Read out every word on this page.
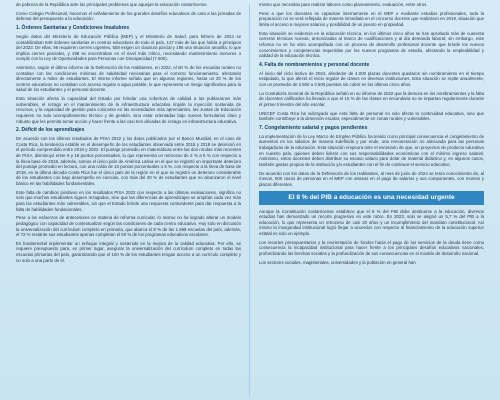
de pobreza de la República ante los principales problemas que aquejan la educación costarricense.

Como Colegio Profesional, hacemos el señalamiento de los grandes desafíos educativos de cara a las jornadas de defensa del presupuesto a la educación:

1. Órdenes Sanitarias y Condiciones Insalubres

Según datos del Ministerio de Educación Pública (MEP) y el Ministerio de Salud, para febrero de 2024 se contabilizaban 849 órdenes sanitarias en centros educativos de todo el país, 127 más de las que había a principios del 2023. De ellas, 96 requieren cierres urgentes, 558 exigen un clausura parcial y 195 una situación amarilla, lo que implica cierres parciales, y 198 se encontraban en el nivel más crítico, necesitando mantenimiento menores o cumplir con la Ley de Oportunidades para Personas con Discapacidad (7.600).

Asimismo, según el último informe de la Defensoría de los Habitantes, en 2022, el 60 % de los escuelas rurales no contaban con las condiciones mínimas de salubridad necesarias para el correcto funcionamiento, afectando directamente a miles de estudiantes. El mismo informe señala que en algunas regiones, hasta un 20 % de los centros educativos no contaban con acceso regular a agua potable, lo que representa un riesgo significativo para la salud de los estudiantes y el personal docente.

Esta situación afecta la capacidad del Estado por brindar una cobertura de calidad a las poblaciones más vulnerables, el rezago en el mantenimiento de la infraestructura educativa impide la inyección sostenida de recursos, y la capacidad de gestión para colocarse en las necesidades más apremiantes, las Juntas de Educación requieren no solo acompañamiento técnico y de gestión, sino estar orientadas bajo nuevos formularios claro y robusto que les permita tomar acción y hacer frente a las casi tres décadas de rezago en infraestructura educativa.

2. Déficit de los aprendizajes

De acuerdo con los últimos resultados de PISA 2022 y los datos publicados por el Banco Mundial, en el caso de Costa Rica, la tendencia estable en el desempeño de los estudiantes observada entre 2015 y 2018 se deterioró en el período comprendido entre 2018 y 2022. El puntaje promedio en matemáticas entre las dos rondas más recientes de PISA, disminuyó entre 9 y 18 puntos porcentuales, lo que representa un retroceso de 2 % a 5 % con respecto a la línea base de 2018, además, somos el único país de América Latina en el que se registró un importante deterioro del puntaje promedio en lectura, con una caída de 10 puntos porcentuales o 5 %, con respecto a la línea de base de 2018, en la última década Costa Rica fue el único país de la región en el que se registró un deterioro considerable de los estudiantes con bajo desempeño en ciencias, con más del 20 % de estudiantes que no alcanzaron el nivel básico en las habilidades fundamentales.

Este falta de cambios positivos en los resultados PISA 2022 con respecto a las últimas evaluaciones, significa no solo que muchos estudiantes siguen rezagados, sino que las diferencias de aprendizajes se amplían cada vez más para los estudiantes más vulnerables, sin que el Estado brinde una respuesta contundente para dar respuesta a la falta de habilidades fundacionales.

Pese a los esfuerzos de antecesores en materia de reforma curricular, lo mismo no ha logrado alterar un modelo pedagógico con capacidad de contextualizar según las condiciones de cada centro educativo. Hoy solo en discusión la universalización del currículum completo en primaria, que abarca el 8 % de las 1.699 escuelas del país, además, el 72 % restante sus estudiantes apenas completan el 50 % de los programas educativos escolares.

Es fundamental implementar un enfoque integral y sostenido en la mejora de la calidad educativa. Por ello, se requiere presupuesto para, en primer lugar, asegurar la universalización del currículum completo en todas las escuelas primarias del país, garantizando que el 100 % de los estudiantes tengan acceso a un currículo completo y no solo a una parte de él.

mismo que necesitan para realizar labores como planeamiento, evaluación, entre otros.

Pese a que los docentes se capacitan internamente en el MEP o mediante estudios profesionales, toda la preparación no se verá reflejada de manera inmediata en el concurso docente que realizaron en 2019, situación que limita el acceso a mejores salarios y posibilidad de un puesto en propiedad.

Esta situación se evidencia en la educación técnica, en los últimos cinco años se han aprobado más de cuarenta carreras técnicas nuevas, armonizadas al marco de cualificaciones y al día demanda laboral; sin embargo, este reforma no se ha visto acompañada con un proceso de desarrollo profesional docente que brinde los nuevos conocimientos y competencias requeridas por los nuevos programas de estudio, afectando la empleabilidad y calidad de la educación técnica.

4. Falta de nombramientos y personal docente

Al inicio del ciclo lectivo de 2024, alrededor de 4.000 plazas docentes quedaron sin nombramiento en el tiempo estipulado, lo que afectó el inicio regular de clases en diversas instituciones. Esta situación se repite anualmente, con un promedio de 2.500 a 3.500 puestos sin cubrir en los últimos cinco años.

La Contraloría General de la República señaló en su informe de 2022 que la demora en los nombramientos y la falta de docentes calificados ha llevado a que el 15 % de las clases en secundaria no se impartan regularmente durante el primer trimestre del año escolar.

UNICEF Costa Rica ha subrayado que esta falta de personal no solo afecta la continuidad educativa, sino que también contribuye a la deserción escolar, especialmente en zonas rurales y vulnerables.

7. Congelamiento salarial y pagos pendientes

La implementación de la Ley Marco de Empleo Público ha tenido como principal consecuencia el congelamiento de aumentos en los salarios de manera indefinida y por ende, una remuneración no adecuada para las personas trabajadoras de la educación. Esta situación empeora ante el escenario de que, en proyectos de producto educativo en nuestro país, quienes deben liderar con sus responsabilidades económicas con el mínimo ingreso salarial. Asimismo, estos docentes deben distribuir su escaso salario para dotar de material didáctico y, en algunos casos, también gastos propios de la institución y/o estudiantes con el fin de continuar el servicio educativo.

De acuerdo con los datos de la Defensoría de los Habitantes, al mes de junio de 2024 se tenía conocimiento de, al menos, 500 casos de personas en el MEP con atrasos en el pago de salarios y sus componentes, con montos y plazos diferentes.

El 8 % del PIB a educación es una necesidad urgente

Aunque la Constitución costarricense establece que el 8 % del PIB debe destinarse a la educación, diversos estudios han demostrado un recorte progresivo en este rubro. En 2023, solo se asignó un 5,7 % del PIB a la educación, lo que representa un retroceso de casi 20 años y un incumplimiento del mandato constitucional. Así mismo la inseguridad institucional logró llegar a acuerdos con respecto al financiamiento de la educación superior estatal es solo un ejemplo.

Los recortes presupuestarios y la reorientación de fondos hacia el pago de los servicios de la deuda tiene como consecuencia la incapacidad institucional para hacer frente a los principales desafíos educativos nacionales, profundizando las brechas sociales y la profundización de sus consecuencias en el modelo de desarrollo nacional.

Los sectores sociales, magisteriales, universidades y la población en general han
